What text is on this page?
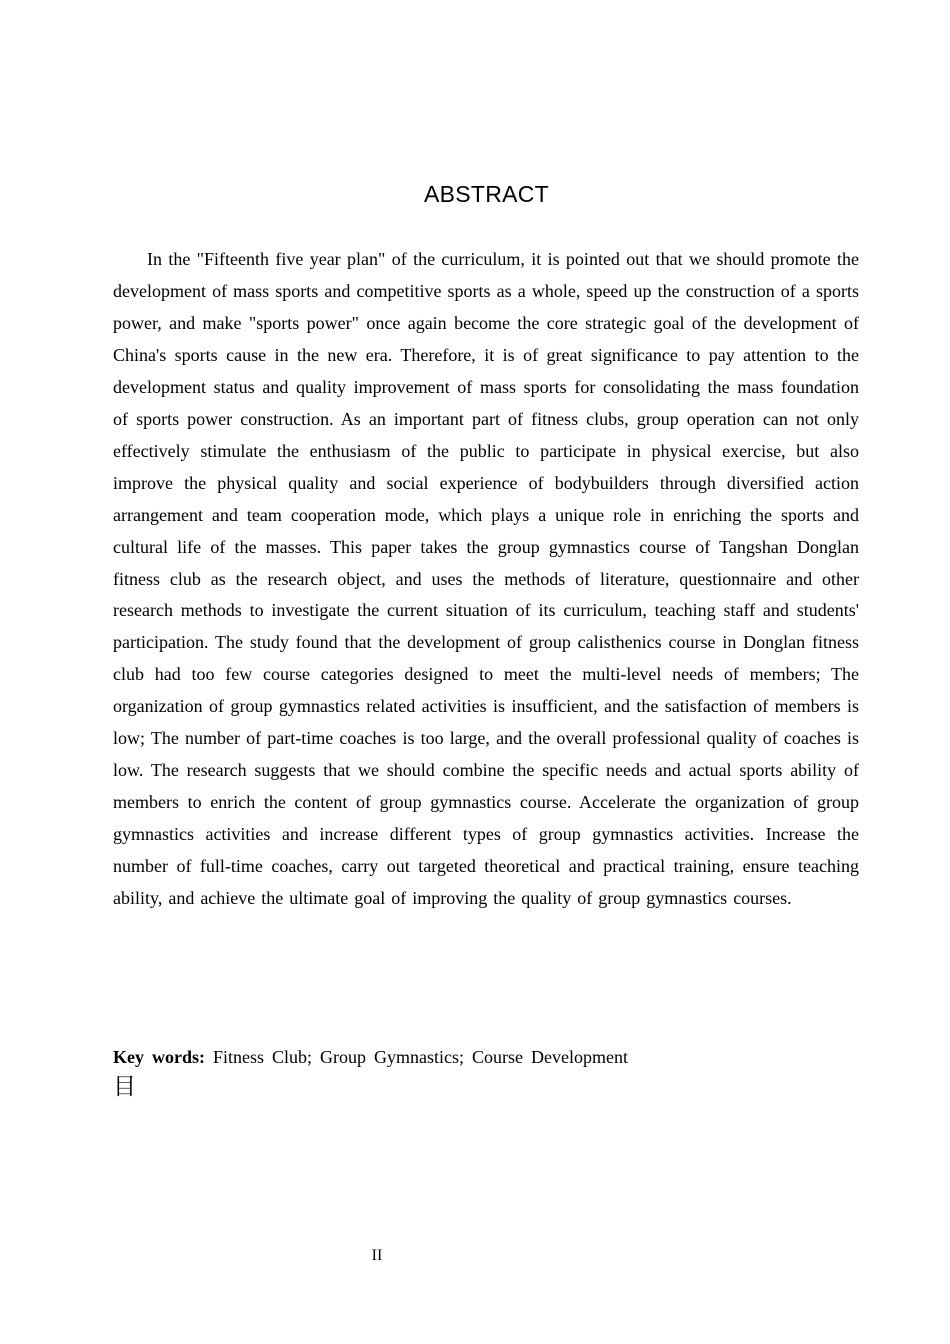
ABSTRACT

In the "Fifteenth five year plan" of the curriculum, it is pointed out that we should promote the development of mass sports and competitive sports as a whole, speed up the construction of a sports power, and make "sports power" once again become the core strategic goal of the development of China's sports cause in the new era. Therefore, it is of great significance to pay attention to the development status and quality improvement of mass sports for consolidating the mass foundation of sports power construction. As an important part of fitness clubs, group operation can not only effectively stimulate the enthusiasm of the public to participate in physical exercise, but also improve the physical quality and social experience of bodybuilders through diversified action arrangement and team cooperation mode, which plays a unique role in enriching the sports and cultural life of the masses. This paper takes the group gymnastics course of Tangshan Donglan fitness club as the research object, and uses the methods of literature, questionnaire and other research methods to investigate the current situation of its curriculum, teaching staff and students' participation. The study found that the development of group calisthenics course in Donglan fitness club had too few course categories designed to meet the multi-level needs of members; The organization of group gymnastics related activities is insufficient, and the satisfaction of members is low; The number of part-time coaches is too large, and the overall professional quality of coaches is low. The research suggests that we should combine the specific needs and actual sports ability of members to enrich the content of group gymnastics course. Accelerate the organization of group gymnastics activities and increase different types of group gymnastics activities. Increase the number of full-time coaches, carry out targeted theoretical and practical training, ensure teaching ability, and achieve the ultimate goal of improving the quality of group gymnastics courses.

Key words: Fitness Club; Group Gymnastics; Course Development
目
II
